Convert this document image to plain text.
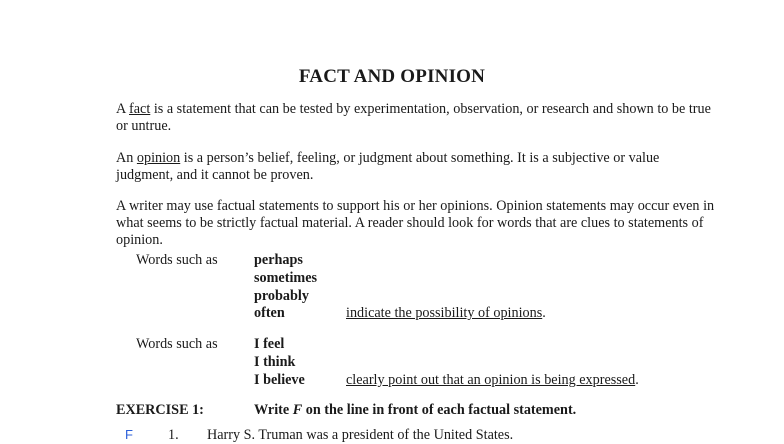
FACT AND OPINION
A fact is a statement that can be tested by experimentation, observation, or research and shown to be true or untrue.
An opinion is a person’s belief, feeling, or judgment about something. It is a subjective or value judgment, and it cannot be proven.
A writer may use factual statements to support his or her opinions. Opinion statements may occur even in what seems to be strictly factual material. A reader should look for words that are clues to statements of opinion.
Words such as	perhaps
sometimes
probably
often	indicate the possibility of opinions.
Words such as	I feel
I think
I believe	clearly point out that an opinion is being expressed.
EXERCISE 1:	Write F on the line in front of each factual statement.
F 1. Harry S. Truman was a president of the United States.
